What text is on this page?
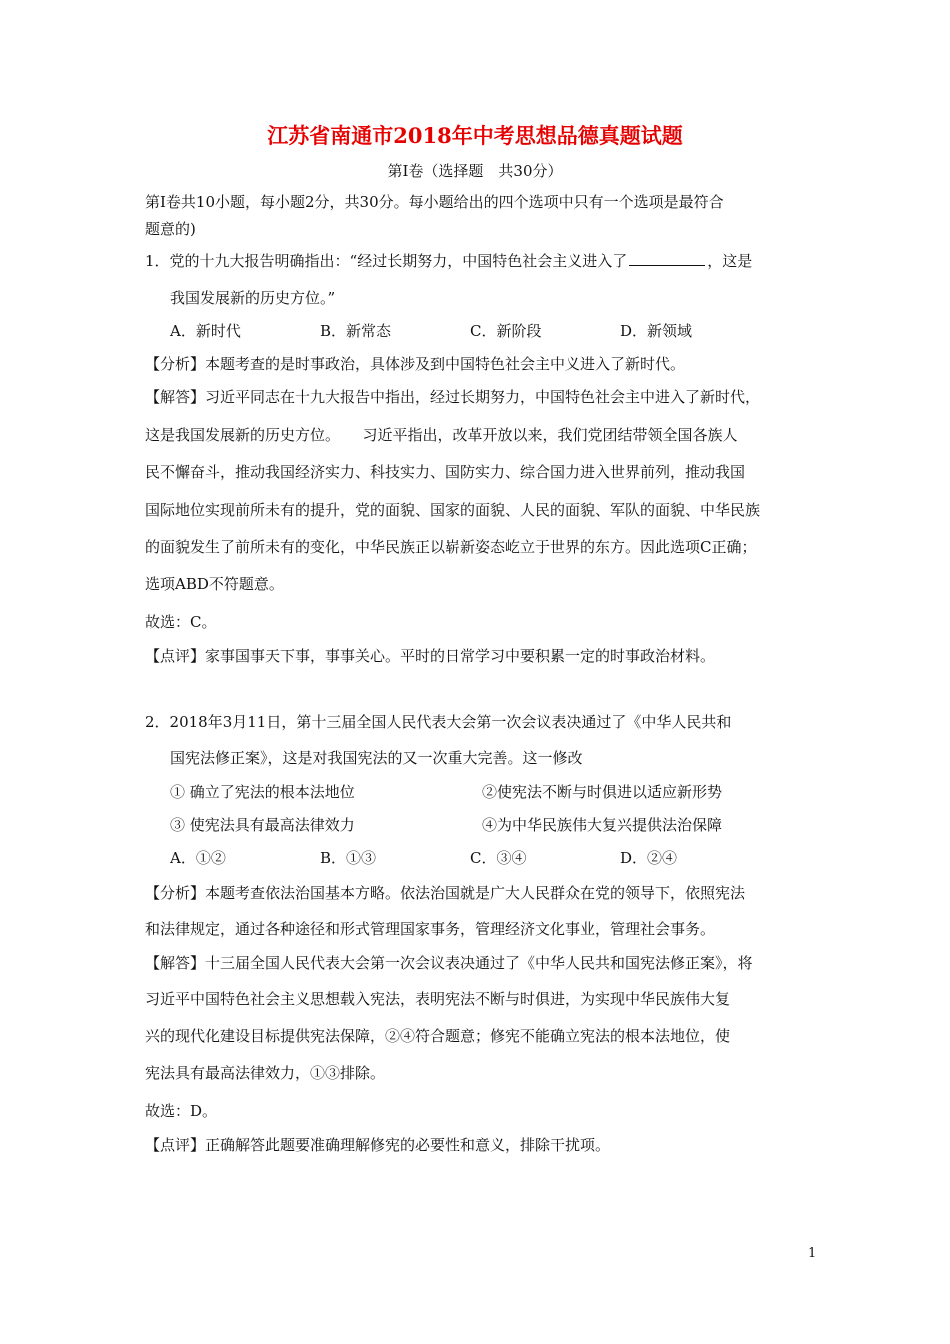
江苏省南通市2018年中考思想品德真题试题
第Ⅰ卷（选择题　共30分）
第Ⅰ卷共10小题，每小题2分，共30分。每小题给出的四个选项中只有一个选项是最符合
题意的)
1．党的十九大报告明确指出：“经过长期努力，中国特色社会主义进入了	，这是
我国发展新的历史方位。”
A．新时代	B．新常态	C．新阶段	D．新领域
【分析】本题考查的是时事政治，具体涉及到中国特色社会主中义进入了新时代。
【解答】习近平同志在十九大报告中指出，经过长期努力，中国特色社会主中进入了新时代，
这是我国发展新的历史方位。　　习近平指出，改革开放以来，我们党团结带领全国各族人
民不懈奋斗，推动我国经济实力、科技实力、国防实力、综合国力进入世界前列，推动我国
国际地位实现前所未有的提升，党的面貌、国家的面貌、人民的面貌、军队的面貌、中华民族
的面貌发生了前所未有的变化，中华民族正以崭新姿态屹立于世界的东方。因此选项C正确；
选项ABD不符题意。
故选：C。
【点评】家事国事天下事，事事关心。平时的日常学习中要积累一定的时事政治材料。
2．2018年3月11日，第十三届全国人民代表大会第一次会议表决通过了《中华人民共和
国宪法修正案》，这是对我国宪法的又一次重大完善。这一修改
① 确立了宪法的根本法地位	②使宪法不断与时俱进以适应新形势
③ 使宪法具有最高法律效力	④为中华民族伟大复兴提供法治保障
A．①②	B．①③	C．③④	D．②④
【分析】本题考查依法治国基本方略。依法治国就是广大人民群众在党的领导下，依照宪法
和法律规定，通过各种途径和形式管理国家事务，管理经济文化事业，管理社会事务。
【解答】十三届全国人民代表大会第一次会议表决通过了《中华人民共和国宪法修正案》，将
习近平中国特色社会主义思想载入宪法，表明宪法不断与时俱进，为实现中华民族伟大复
兴的现代化建设目标提供宪法保障，②④符合题意；修宪不能确立宪法的根本法地位，使
宪法具有最高法律效力，①③排除。
故选：D。
【点评】正确解答此题要准确理解修宪的必要性和意义，排除干扰项。
1
